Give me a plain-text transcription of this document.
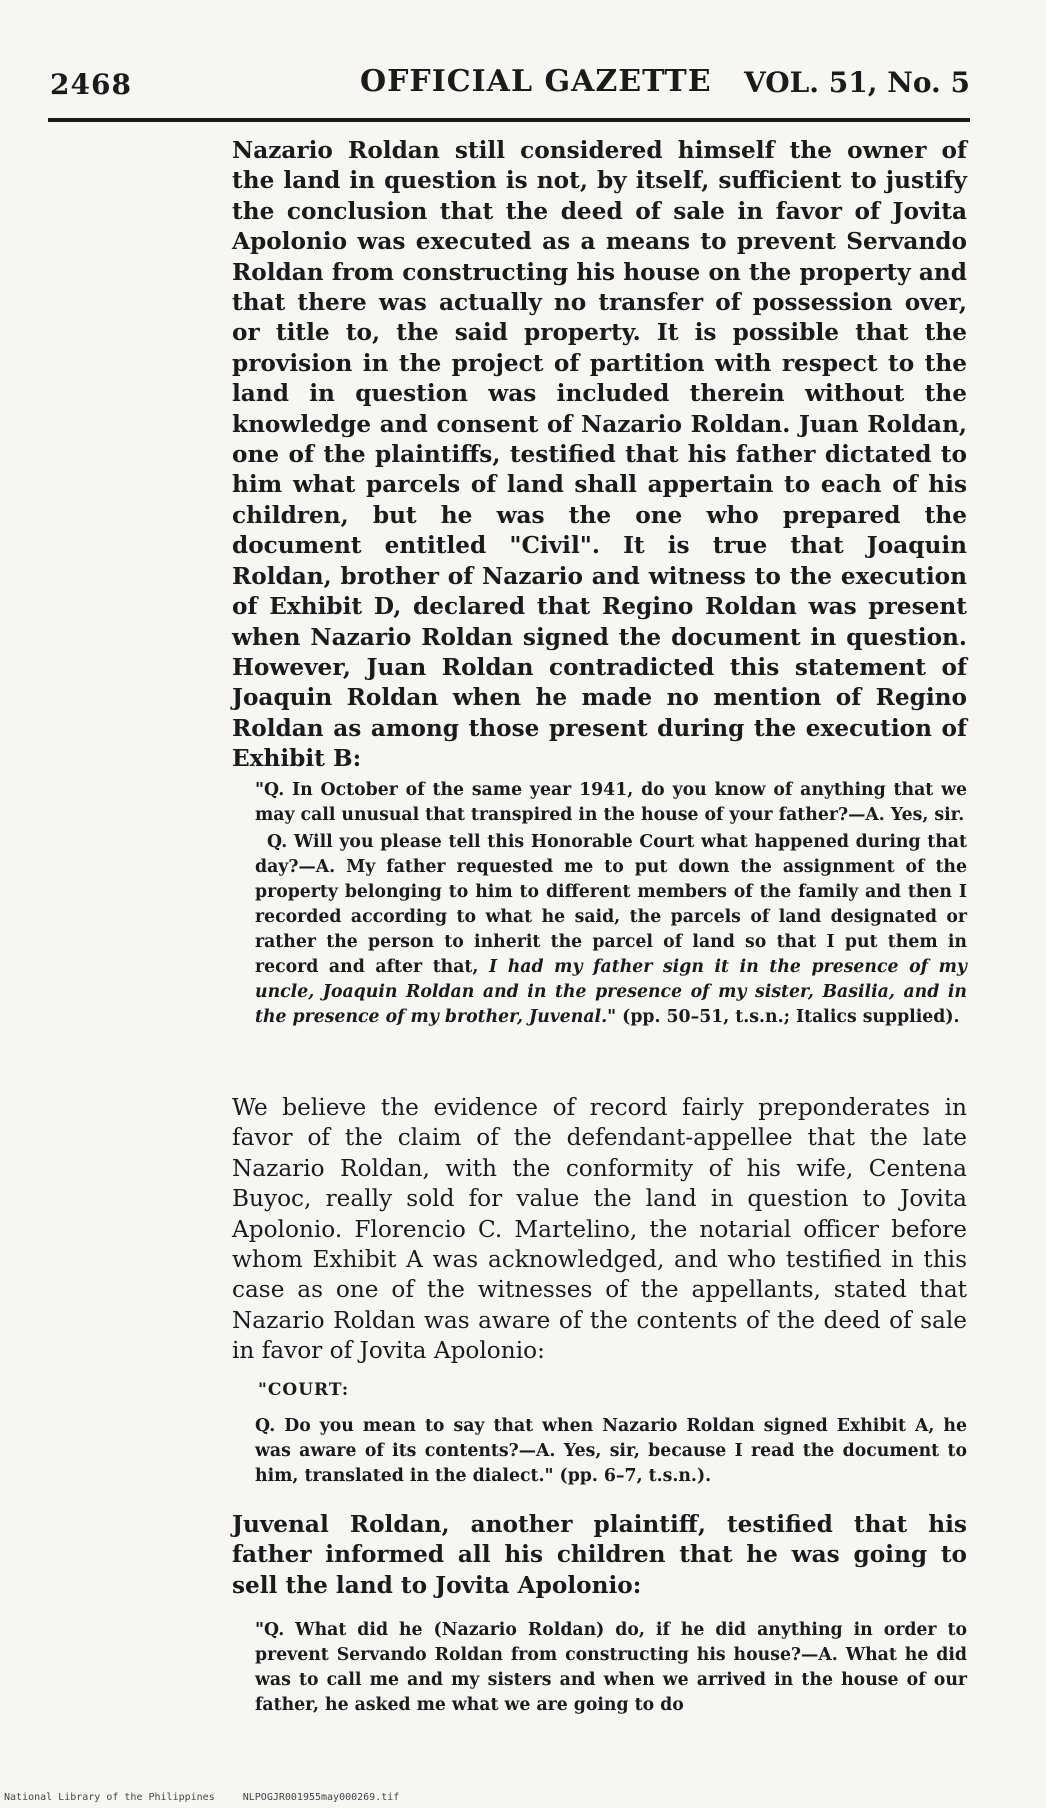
2468	OFFICIAL GAZETTE VOL. 51, No. 5
Nazario Roldan still considered himself the owner of the land in question is not, by itself, sufficient to justify the conclusion that the deed of sale in favor of Jovita Apolonio was executed as a means to prevent Servando Roldan from constructing his house on the property and that there was actually no transfer of possession over, or title to, the said property. It is possible that the provision in the project of partition with respect to the land in question was included therein without the knowledge and consent of Nazario Roldan. Juan Roldan, one of the plaintiffs, testified that his father dictated to him what parcels of land shall appertain to each of his children, but he was the one who prepared the document entitled "Civil". It is true that Joaquin Roldan, brother of Nazario and witness to the execution of Exhibit D, declared that Regino Roldan was present when Nazario Roldan signed the document in question. However, Juan Roldan contradicted this statement of Joaquin Roldan when he made no mention of Regino Roldan as among those present during the execution of Exhibit B:

"Q. In October of the same year 1941, do you know of anything that we may call unusual that transpired in the house of your father?—A. Yes, sir.

Q. Will you please tell this Honorable Court what happened during that day?—A. My father requested me to put down the assignment of the property belonging to him to different members of the family and then I recorded according to what he said, the parcels of land designated or rather the person to inherit the parcel of land so that I put them in record and after that, I had my father sign it in the presence of my uncle, Joaquin Roldan and in the presence of my sister, Basilia, and in the presence of my brother, Juvenal." (pp. 50–51, t.s.n.; Italics supplied).

We believe the evidence of record fairly preponderates in favor of the claim of the defendant-appellee that the late Nazario Roldan, with the conformity of his wife, Centena Buyoc, really sold for value the land in question to Jovita Apolonio. Florencio C. Martelino, the notarial officer before whom Exhibit A was acknowledged, and who testified in this case as one of the witnesses of the appellants, stated that Nazario Roldan was aware of the contents of the deed of sale in favor of Jovita Apolonio:
"COURT:
Q. Do you mean to say that when Nazario Roldan signed Exhibit A, he was aware of its contents?—A. Yes, sir, because I read the document to him, translated in the dialect." (pp. 6–7, t.s.n.).
Juvenal Roldan, another plaintiff, testified that his father informed all his children that he was going to sell the land to Jovita Apolonio:
"Q. What did he (Nazario Roldan) do, if he did anything in order to prevent Servando Roldan from constructing his house?—A. What he did was to call me and my sisters and when we arrived in the house of our father, he asked me what we are going to do
National Library of the Philippines	NLPOGJR001955may000269.tif
